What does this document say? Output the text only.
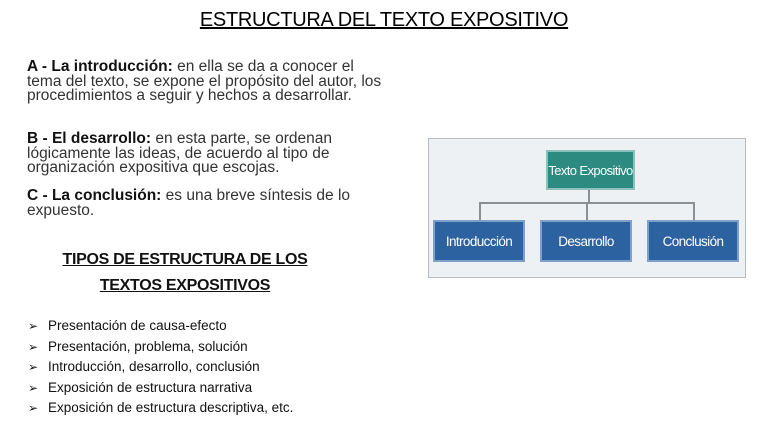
ESTRUCTURA DEL TEXTO EXPOSITIVO
A - La introducción: en ella se da a conocer el tema del texto, se expone el propósito del autor, los procedimientos a seguir y hechos a desarrollar.
B - El desarrollo: en esta parte, se ordenan lógicamente las ideas, de acuerdo al tipo de organización expositiva que escojas.
C - La conclusión: es una breve síntesis de lo expuesto.
TIPOS DE ESTRUCTURA DE LOS
TEXTOS EXPOSITIVOS
➢ Presentación de causa-efecto
➢ Presentación, problema, solución
➢ Introducción, desarrollo, conclusión
➢ Exposición de estructura narrativa
➢ Exposición de estructura descriptiva, etc.
Texto Expositivo
Introducción	Desarrollo	Conclusión
